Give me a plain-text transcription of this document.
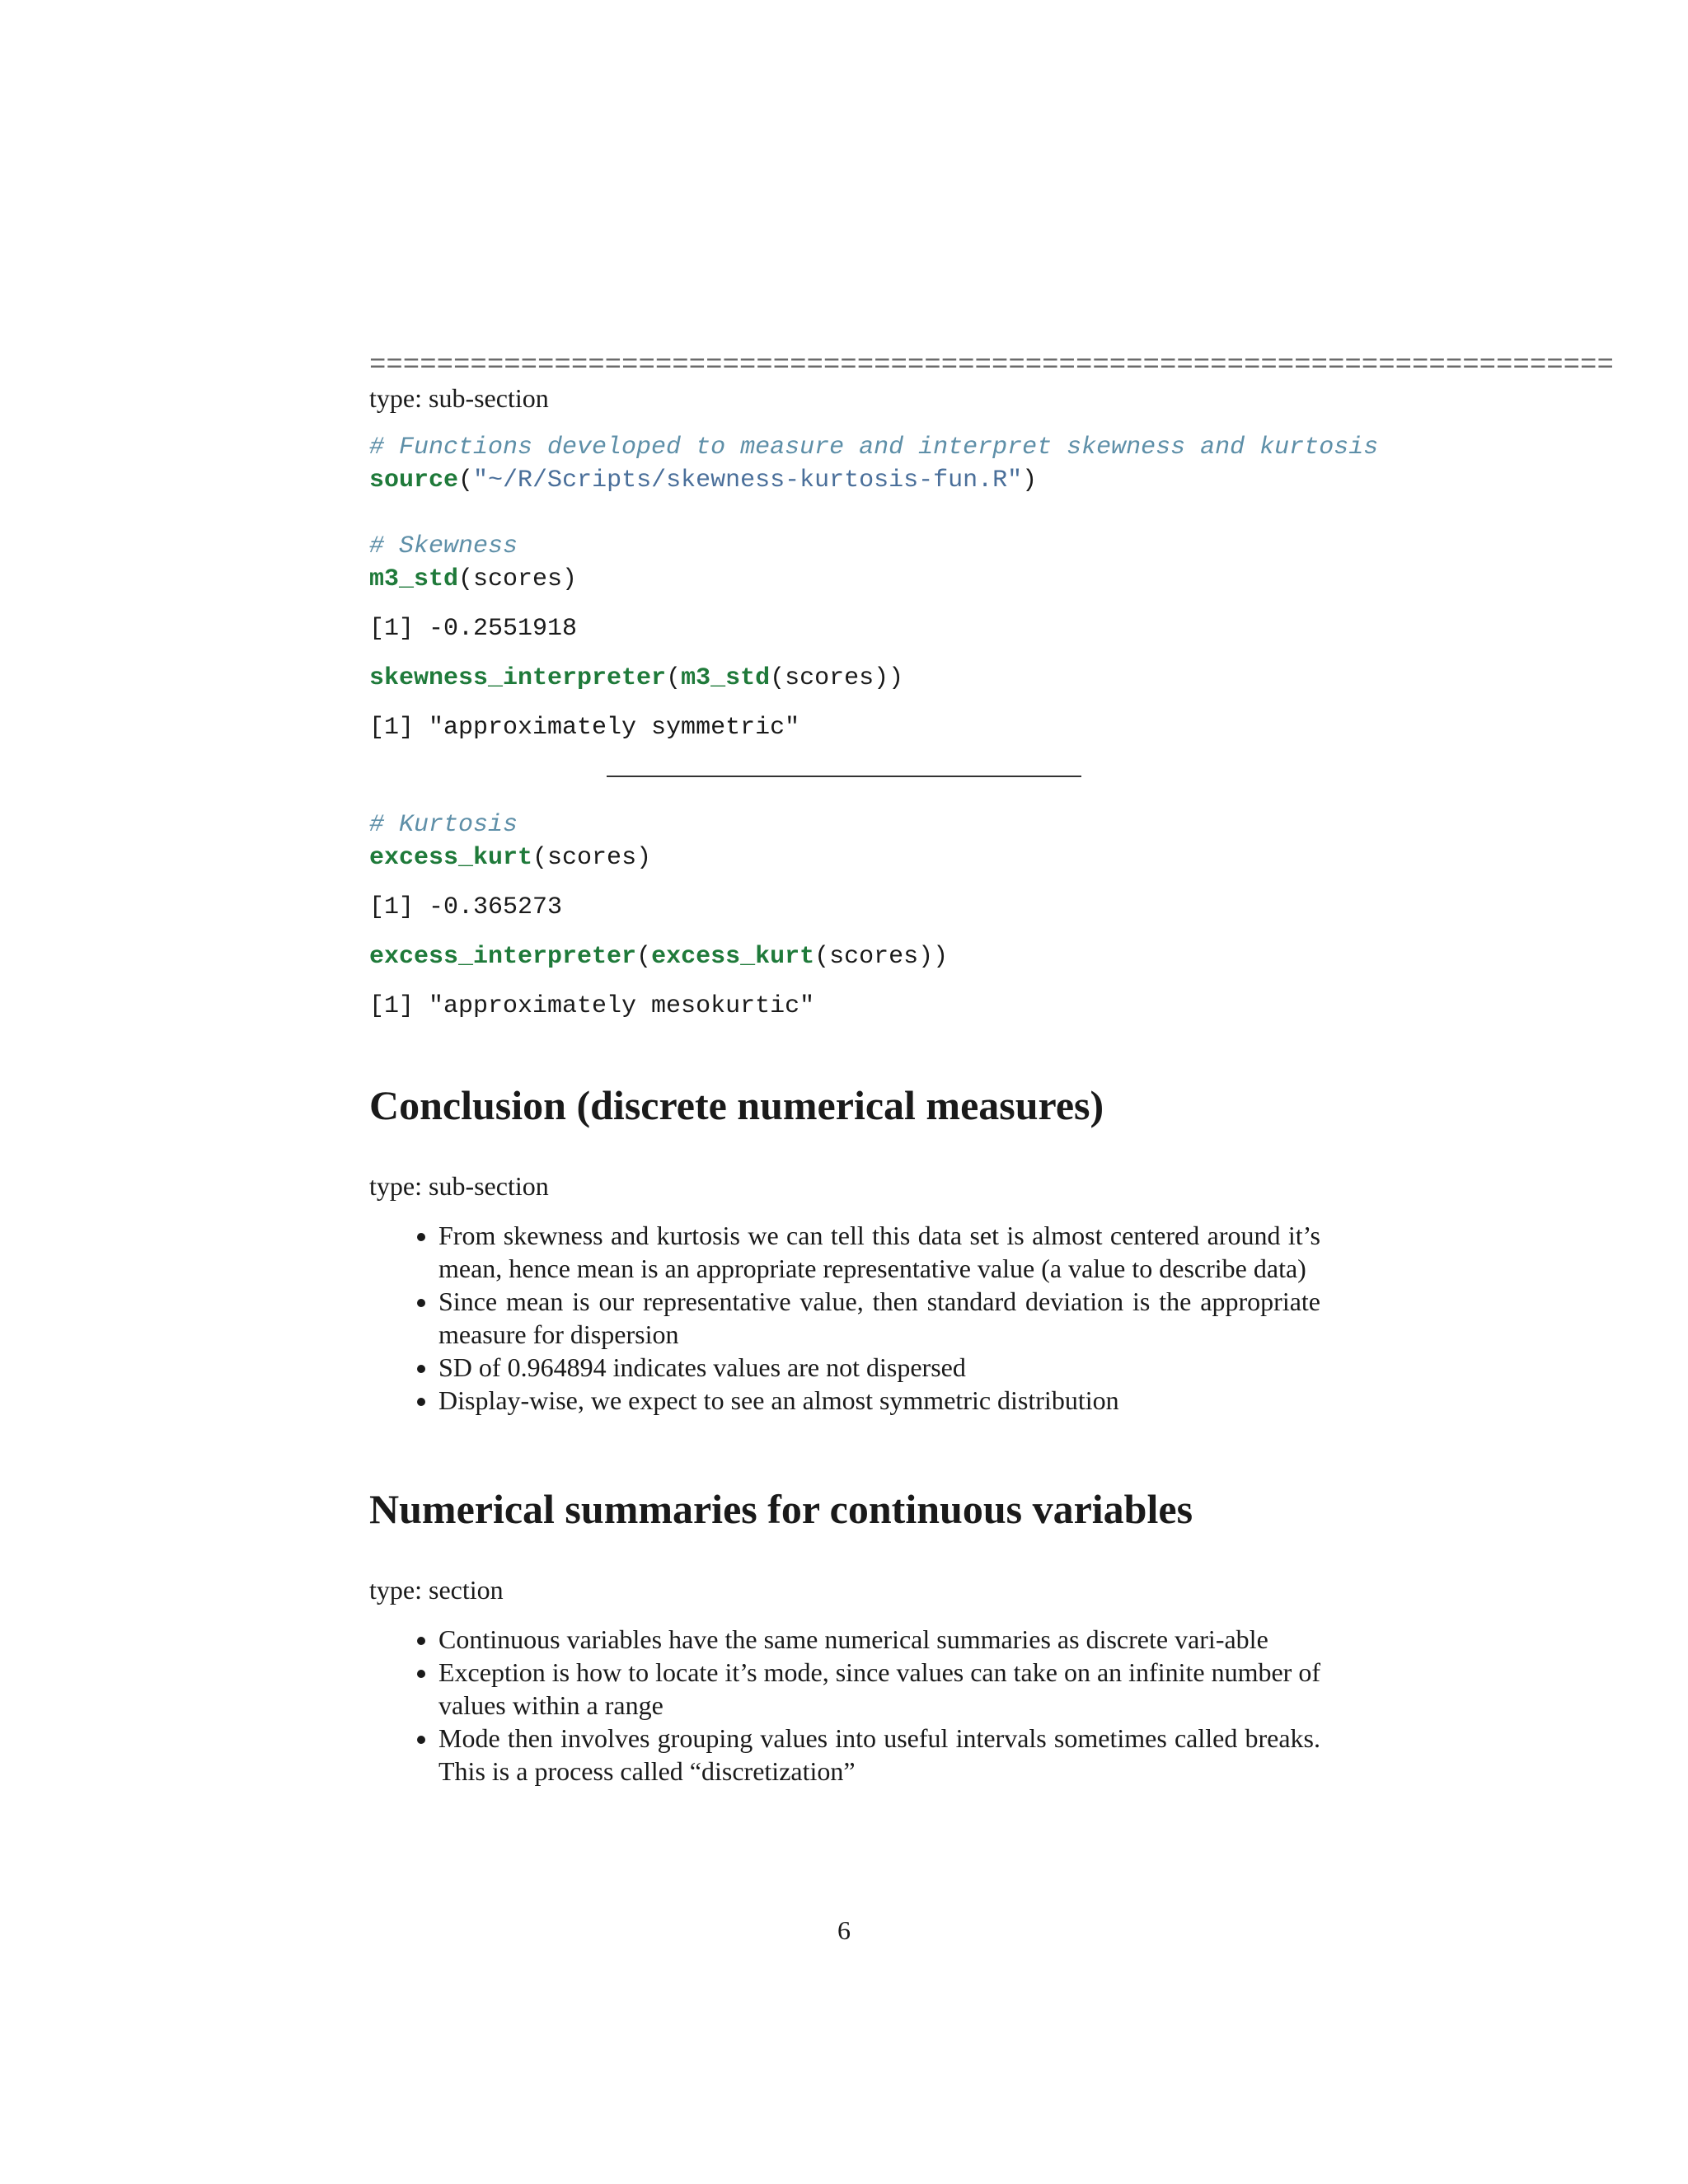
==========================================================================

type: sub-section

# Functions developed to measure and interpret skewness and kurtosis
source("~/R/Scripts/skewness-kurtosis-fun.R")
# Skewness
m3_std(scores)
[1] -0.2551918
skewness_interpreter(m3_std(scores))
[1] "approximately symmetric"
# Kurtosis
excess_kurt(scores)
[1] -0.365273
excess_interpreter(excess_kurt(scores))
[1] "approximately mesokurtic"
Conclusion (discrete numerical measures)

type: sub-section

• From skewness and kurtosis we can tell this data set is almost centered around it’s mean, hence mean is an appropriate representative value (a value to describe data)
• Since mean is our representative value, then standard deviation is the appropriate measure for dispersion
• SD of 0.964894 indicates values are not dispersed
• Display-wise, we expect to see an almost symmetric distribution
Numerical summaries for continuous variables

type: section

• Continuous variables have the same numerical summaries as discrete vari-able
• Exception is how to locate it’s mode, since values can take on an infinite number of values within a range
• Mode then involves grouping values into useful intervals sometimes called breaks. This is a process called “discretization”
6
